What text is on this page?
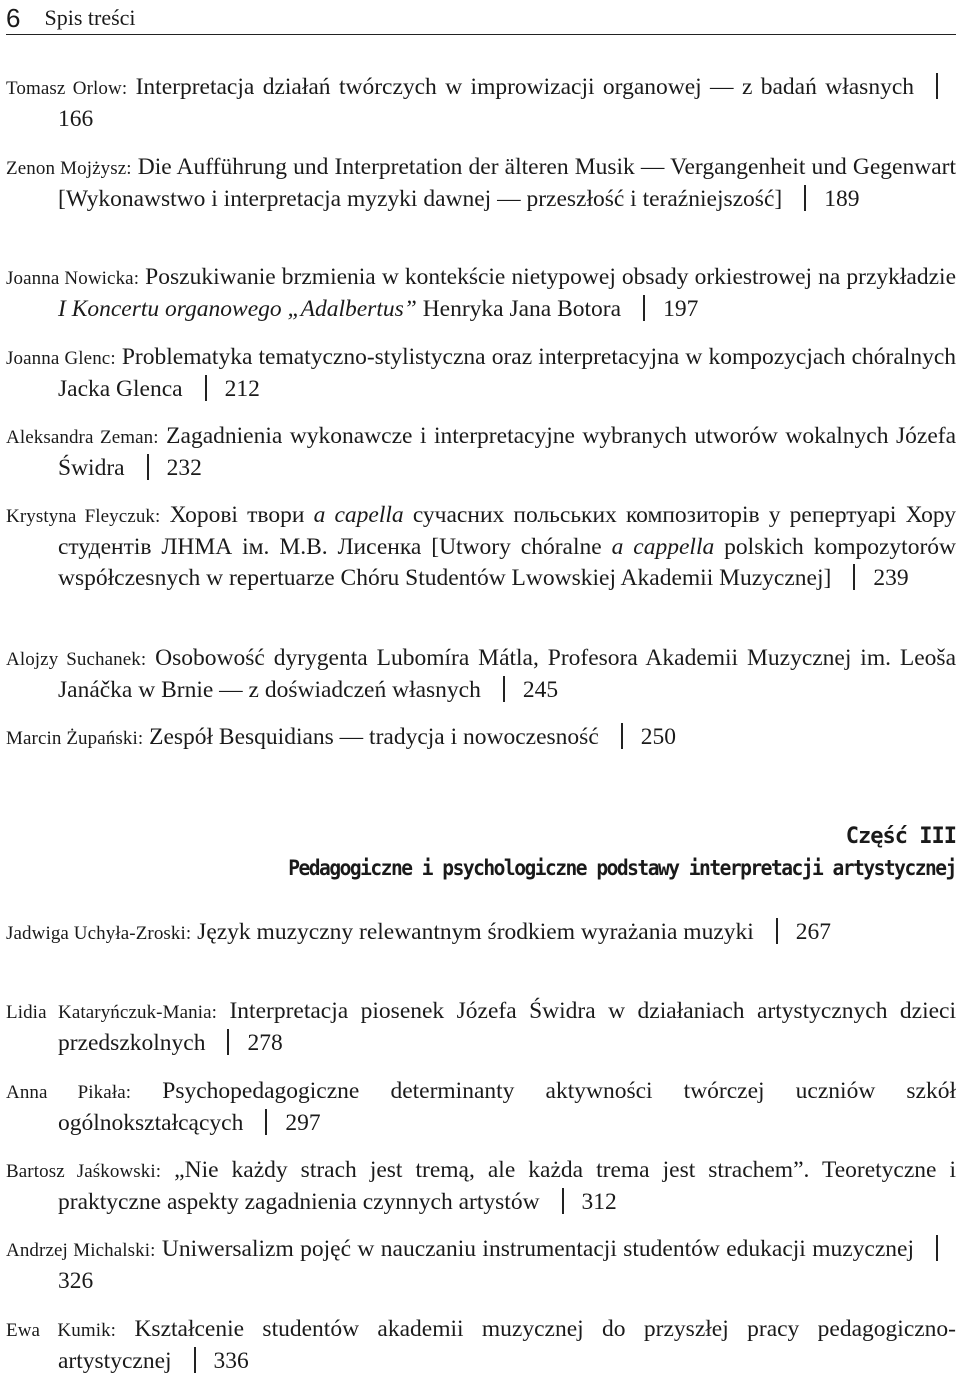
6 Spis treści
Tomasz Orlow: Interpretacja działań twórczych w improwizacji organowej — z badań własnych166
Zenon Mojżysz: Die Aufführung und Interpretation der älteren Musik — Vergangenheit und Gegenwart [Wykonawstwo i interpretacja myzyki dawnej — przeszłość i teraźniejszość] 189
Joanna Nowicka: Poszukiwanie brzmienia w kontekście nietypowej obsady orkiestrowej na przykładzie I Koncertu organowego „Adalbertus” Henryka Jana Botora 197
Joanna Glenc: Problematyka tematyczno-stylistyczna oraz interpretacyjna w kompozycjach chóralnych Jacka Glenca 212
Aleksandra Zeman: Zagadnienia wykonawcze i interpretacyjne wybranych utworów wokalnych Józefa Świdra 232
Krystyna Fleyczuk: Хорові твори a capella сучасних польських композиторів у репертуарі Хору студентів ЛНМА ім. М.В. Лисенка [Utwory chóralne a cappella polskich kompozytorów współczesnych w repertuarze Chóru Studentów Lwowskiej Akademii Muzycznej] 239
Alojzy Suchanek: Osobowość dyrygenta Lubomíra Mátla, Profesora Akademii Muzycznej im. Leoša Janáčka w Brnie — z doświadczeń własnych 245
Marcin Żupański: Zespół Besquidians — tradycja i nowoczesność 250
Część III
Pedagogiczne i psychologiczne podstawy interpretacji artystycznej
Jadwiga Uchyła-Zroski: Język muzyczny relewantnym środkiem wyrażania muzyki 267
Lidia Kataryńczuk-Mania: Interpretacja piosenek Józefa Świdra w działaniach artystycznych dzieci przedszkolnych 278
Anna Pikała: Psychopedagogiczne determinanty aktywności twórczej uczniów szkół ogólnokształcących 297
Bartosz Jaśkowski: „Nie każdy strach jest tremą, ale każda trema jest strachem”. Teoretyczne i praktyczne aspekty zagadnienia czynnych artystów 312
Andrzej Michalski: Uniwersalizm pojęć w nauczaniu instrumentacji studentów edukacji muzycznej326
Ewa Kumik: Kształcenie studentów akademii muzycznej do przyszłej pracy pedagogiczno-artystycznej 336
